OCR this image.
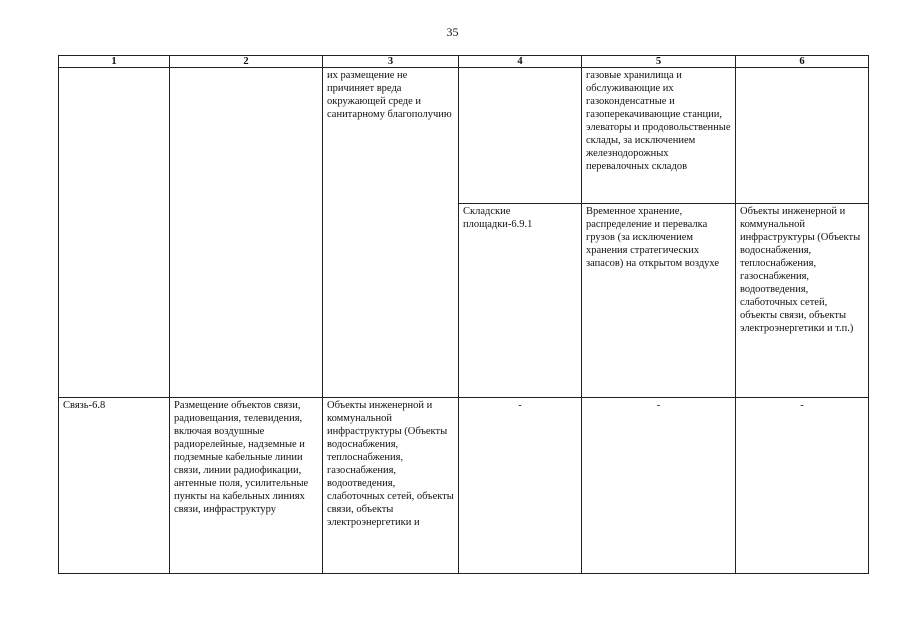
35
1	2	3	4	5	6
		их размещение не причиняет вреда окружающей среде и санитарному благополучию		газовые хранилища и обслуживающие их газоконденсатные и газоперекачивающие станции, элеваторы и продовольственные склады, за исключением железнодорожных перевалочных складов	
			Складские площадки-6.9.1	Временное хранение, распределение и перевалка грузов (за исключением хранения стратегических запасов) на открытом воздухе	Объекты инженерной и коммунальной инфраструктуры (Объекты водоснабжения, теплоснабжения, газоснабжения, водоотведения, слаботочных сетей, объекты связи, объекты электроэнергетики и т.п.)
Связь-6.8	Размещение объектов связи, радиовещания, телевидения, включая воздушные радиорелейные, надземные и подземные кабельные линии связи, линии радиофикации, антенные поля, усилительные пункты на кабельных линиях связи, инфраструктуру	Объекты инженерной и коммунальной инфраструктуры (Объекты водоснабжения, теплоснабжения, газоснабжения, водоотведения, слаботочных сетей, объекты связи, объекты электроэнергетики и	-	-	-
